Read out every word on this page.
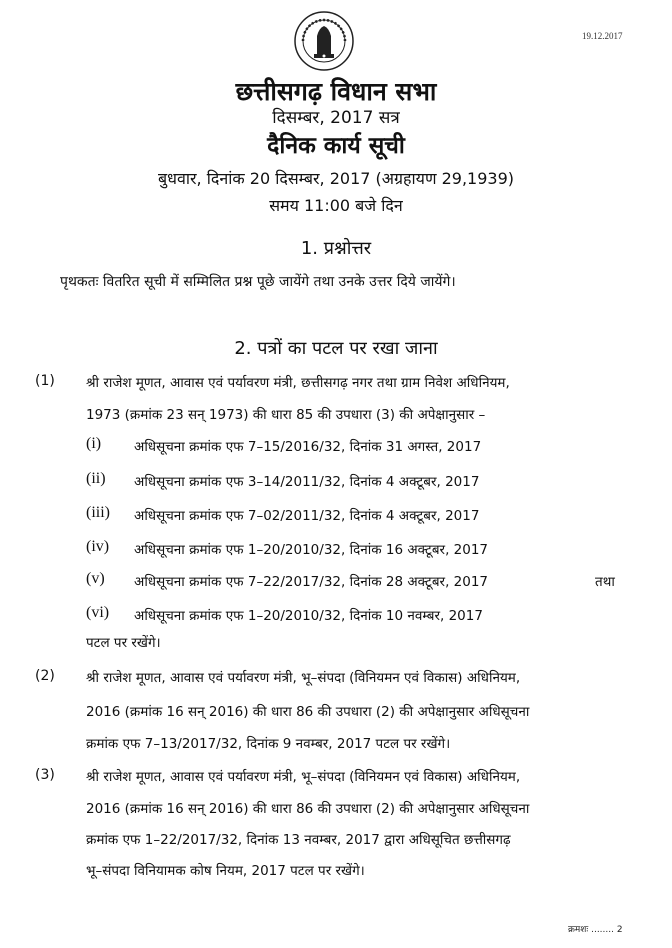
19.12.2017
छत्तीसगढ़ विधान सभा
दिसम्बर, 2017 सत्र
दैनिक कार्य सूची
बुधवार, दिनांक 20 दिसम्बर, 2017 (अग्रहायण 29,1939)
समय 11:00 बजे दिन
1. प्रश्नोत्तर
पृथकतः वितरित सूची में सम्मिलित प्रश्न पूछे जायेंगे तथा उनके उत्तर दिये जायेंगे।
2. पत्रों का पटल पर रखा जाना
(1) श्री राजेश मूणत, आवास एवं पर्यावरण मंत्री, छत्तीसगढ़ नगर तथा ग्राम निवेश अधिनियम,
1973 (क्रमांक 23 सन् 1973) की धारा 85 की उपधारा (3) की अपेक्षानुसार –
(i) अधिसूचना क्रमांक एफ 7–15/2016/32, दिनांक 31 अगस्त, 2017
(ii) अधिसूचना क्रमांक एफ 3–14/2011/32, दिनांक 4 अक्टूबर, 2017
(iii) अधिसूचना क्रमांक एफ 7–02/2011/32, दिनांक 4 अक्टूबर, 2017
(iv) अधिसूचना क्रमांक एफ 1–20/2010/32, दिनांक 16 अक्टूबर, 2017
(v) अधिसूचना क्रमांक एफ 7–22/2017/32, दिनांक 28 अक्टूबर, 2017	तथा
(vi) अधिसूचना क्रमांक एफ 1–20/2010/32, दिनांक 10 नवम्बर, 2017
पटल पर रखेंगे।
(2) श्री राजेश मूणत, आवास एवं पर्यावरण मंत्री, भू–संपदा (विनियमन एवं विकास) अधिनियम,
2016 (क्रमांक 16 सन् 2016) की धारा 86 की उपधारा (2) की अपेक्षानुसार अधिसूचना
क्रमांक एफ 7–13/2017/32, दिनांक 9 नवम्बर, 2017 पटल पर रखेंगे।
(3) श्री राजेश मूणत, आवास एवं पर्यावरण मंत्री, भू–संपदा (विनियमन एवं विकास) अधिनियम,
2016 (क्रमांक 16 सन् 2016) की धारा 86 की उपधारा (2) की अपेक्षानुसार अधिसूचना
क्रमांक एफ 1–22/2017/32, दिनांक 13 नवम्बर, 2017 द्वारा अधिसूचित छत्तीसगढ़
भू–संपदा विनियामक कोष नियम, 2017 पटल पर रखेंगे।
क्रमशः ........ 2
